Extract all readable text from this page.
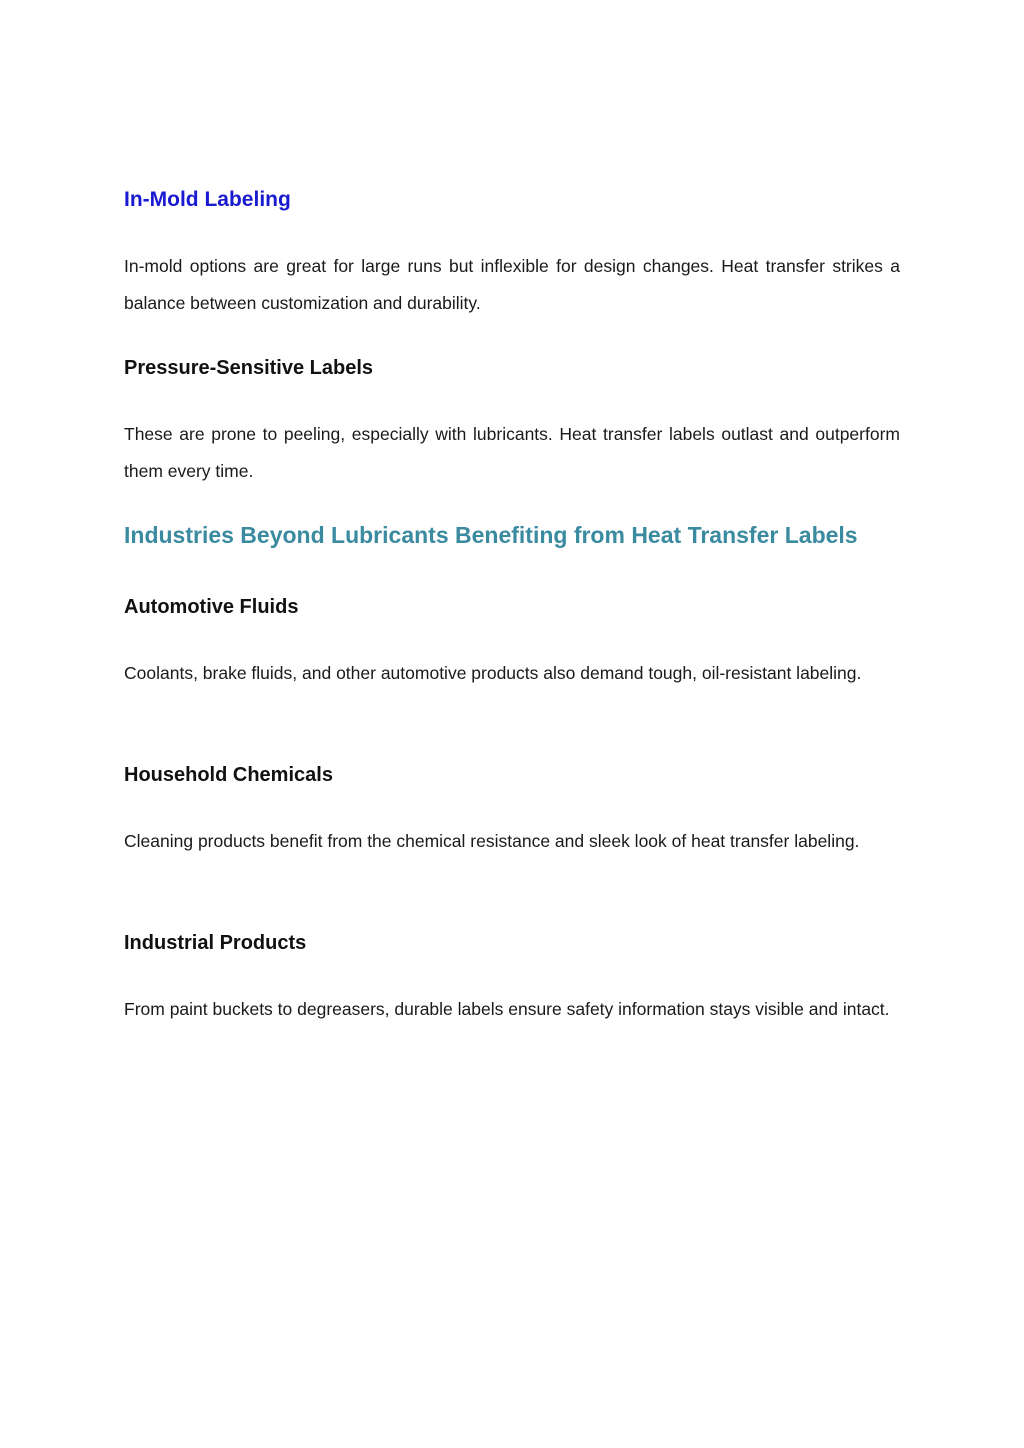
In-Mold Labeling

In-mold options are great for large runs but inflexible for design changes. Heat transfer strikes a balance between customization and durability.

Pressure-Sensitive Labels

These are prone to peeling, especially with lubricants. Heat transfer labels outlast and outperform them every time.

Industries Beyond Lubricants Benefiting from Heat Transfer Labels
Automotive Fluids

Coolants, brake fluids, and other automotive products also demand tough, oil-resistant labeling.

Household Chemicals

Cleaning products benefit from the chemical resistance and sleek look of heat transfer labeling.

Industrial Products

From paint buckets to degreasers, durable labels ensure safety information stays visible and intact.
